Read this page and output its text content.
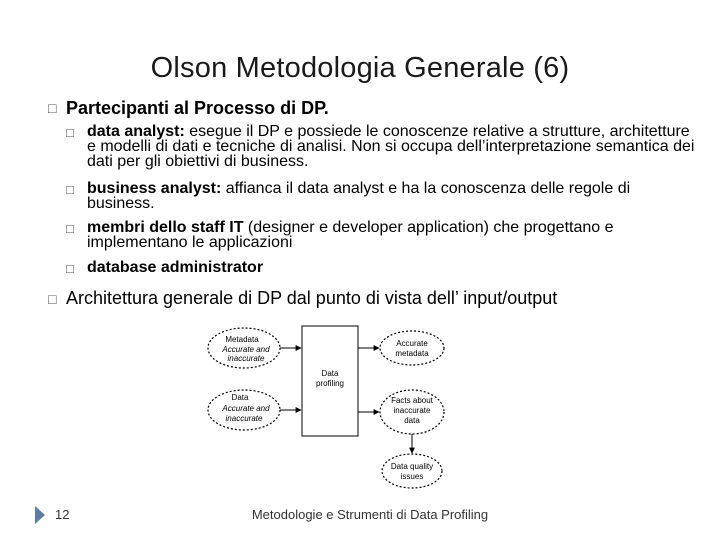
Olson Metodologia Generale (6)
□
Partecipanti al Processo di DP.
□
data analyst: esegue il DP e possiede le conoscenze relative a strutture, architetture e modelli di dati e tecniche di analisi. Non si occupa dell’interpretazione semantica dei dati per gli obiettivi di business.
□
business analyst: affianca il data analyst e ha la conoscenza delle regole di business.
□
membri dello staff IT (designer e developer application) che progettano e implementano le applicazioni
□
database administrator
□
Architettura generale di DP dal punto di vista dell’ input/output
Metadata
Accurate and
inaccurate
Data
Accurate and
inaccurate
Data
profiling
Accurate
metadata
Facts about
inaccurate
data
Data quality
issues
12	Metodologie e Strumenti di Data Profiling
